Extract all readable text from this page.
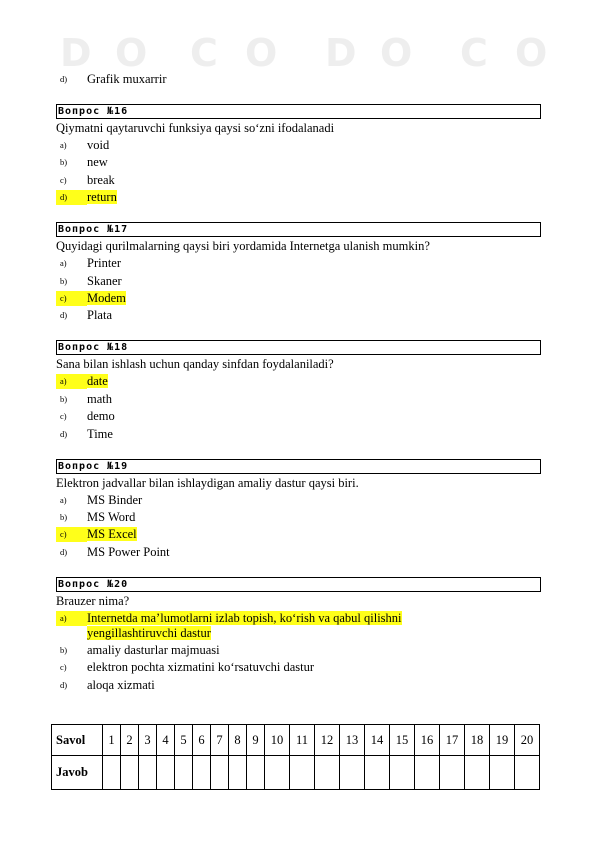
D O C O D O C O
d)	Grafik muxarrir
Вопрос №16
Qiymatni qaytaruvchi funksiya qaysi so‘zni ifodalanadi
a)	void
b)	new
c)	break
d)	return
Вопрос №17
Quyidagi qurilmalarning qaysi biri yordamida Internetga ulanish mumkin?
a)	Printer
b)	Skaner
c)	Modem
d)	Plata
Вопрос №18
Sana bilan ishlash uchun qanday sinfdan foydalaniladi?
a)	date
b)	math
c)	demo
d)	Time
Вопрос №19
Elektron jadvallar bilan ishlaydigan amaliy dastur qaysi biri.
a)	MS Binder
b)	MS Word
c)	MS Excel
d)	MS Power Point
Вопрос №20
Brauzer nima?
a)	Internetda ma’lumotlarni izlab topish, ko‘rish va qabul qilishni yengillashtiruvchi dastur
b)	amaliy dasturlar majmuasi
c)	elektron pochta xizmatini ko‘rsatuvchi dastur
d)	aloqa xizmati
Savol	1	2	3	4	5	6	7	8	9	10	11	12	13	14	15	16	17	18	19	20
Javob																				
